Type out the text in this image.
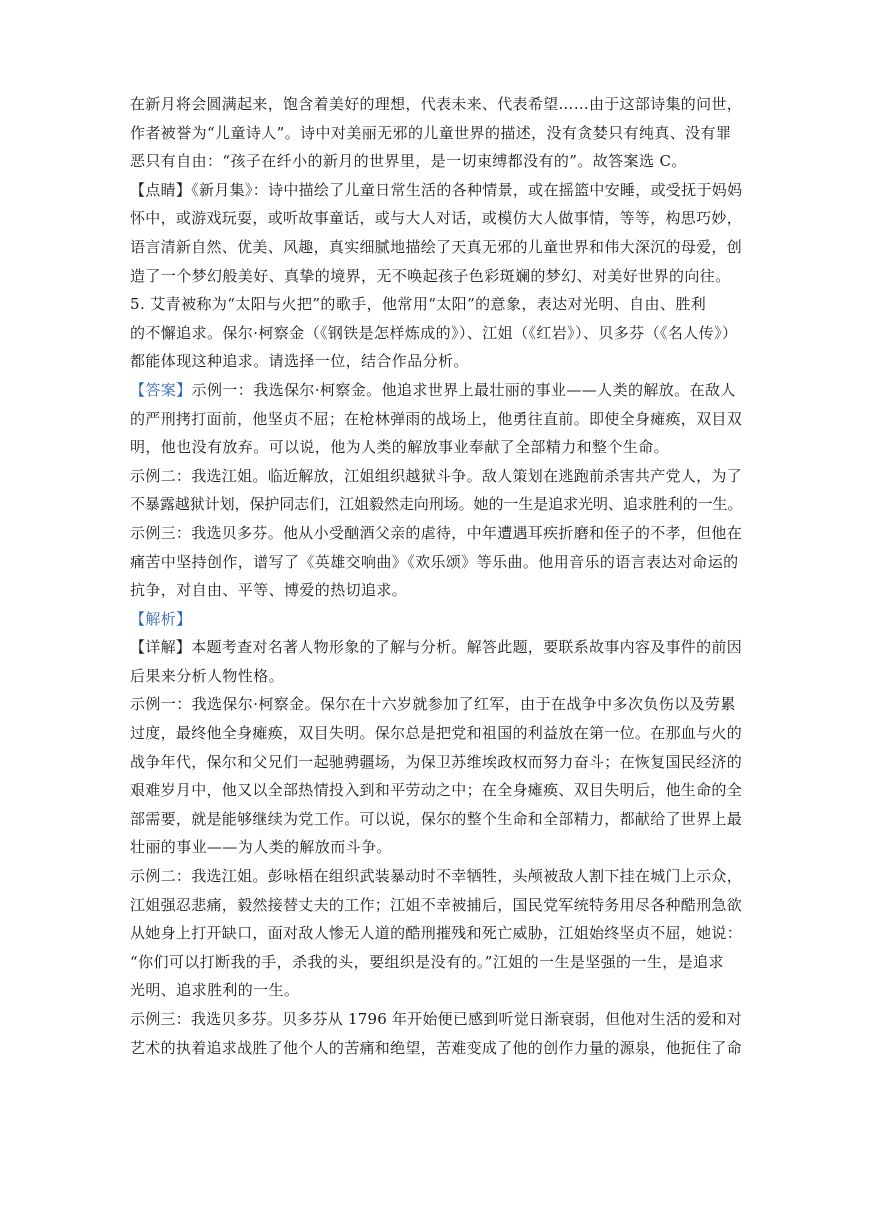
在新月将会圆满起来，饱含着美好的理想，代表未来、代表希望……由于这部诗集的问世，
作者被誉为“儿童诗人”。诗中对美丽无邪的儿童世界的描述，没有贪婪只有纯真、没有罪
恶只有自由：“孩子在纤小的新月的世界里，是一切束缚都没有的”。故答案选 C。
【点睛】《新月集》：诗中描绘了儿童日常生活的各种情景，或在摇篮中安睡，或受抚于妈妈
怀中，或游戏玩耍，或听故事童话，或与大人对话，或模仿大人做事情，等等，构思巧妙，
语言清新自然、优美、风趣，真实细腻地描绘了天真无邪的儿童世界和伟大深沉的母爱，创
造了一个梦幻般美好、真挚的境界，无不唤起孩子色彩斑斓的梦幻、对美好世界的向往。
5. 艾青被称为“太阳与火把”的歌手，他常用“太阳”的意象，表达对光明、自由、胜利
的不懈追求。保尔·柯察金（《钢铁是怎样炼成的》）、江姐（《红岩》）、贝多芬（《名人传》）
都能体现这种追求。请选择一位，结合作品分析。
【答案】示例一：我选保尔·柯察金。他追求世界上最壮丽的事业——人类的解放。在敌人
的严刑拷打面前，他坚贞不屈；在枪林弹雨的战场上，他勇往直前。即使全身瘫痪，双目双
明，他也没有放弃。可以说，他为人类的解放事业奉献了全部精力和整个生命。
示例二：我选江姐。临近解放，江姐组织越狱斗争。敌人策划在逃跑前杀害共产党人，为了
不暴露越狱计划，保护同志们，江姐毅然走向刑场。她的一生是追求光明、追求胜利的一生。
示例三：我选贝多芬。他从小受酗酒父亲的虐待，中年遭遇耳疾折磨和侄子的不孝，但他在
痛苦中坚持创作，谱写了《英雄交响曲》《欢乐颂》等乐曲。他用音乐的语言表达对命运的
抗争，对自由、平等、博爱的热切追求。
【解析】
【详解】本题考查对名著人物形象的了解与分析。解答此题，要联系故事内容及事件的前因
后果来分析人物性格。
示例一：我选保尔·柯察金。保尔在十六岁就参加了红军，由于在战争中多次负伤以及劳累
过度，最终他全身瘫痪，双目失明。保尔总是把党和祖国的利益放在第一位。在那血与火的
战争年代，保尔和父兄们一起驰骋疆场，为保卫苏维埃政权而努力奋斗；在恢复国民经济的
艰难岁月中，他又以全部热情投入到和平劳动之中；在全身瘫痪、双目失明后，他生命的全
部需要，就是能够继续为党工作。可以说，保尔的整个生命和全部精力，都献给了世界上最
壮丽的事业——为人类的解放而斗争。
示例二：我选江姐。彭咏梧在组织武装暴动时不幸牺牲，头颅被敌人割下挂在城门上示众，
江姐强忍悲痛，毅然接替丈夫的工作；江姐不幸被捕后，国民党军统特务用尽各种酷刑急欲
从她身上打开缺口，面对敌人惨无人道的酷刑摧残和死亡威胁，江姐始终坚贞不屈，她说：
“你们可以打断我的手，杀我的头，要组织是没有的。”江姐的一生是坚强的一生，是追求
光明、追求胜利的一生。
示例三：我选贝多芬。贝多芬从 1796 年开始便已感到听觉日渐衰弱，但他对生活的爱和对
艺术的执着追求战胜了他个人的苦痛和绝望，苦难变成了他的创作力量的源泉，他扼住了命
